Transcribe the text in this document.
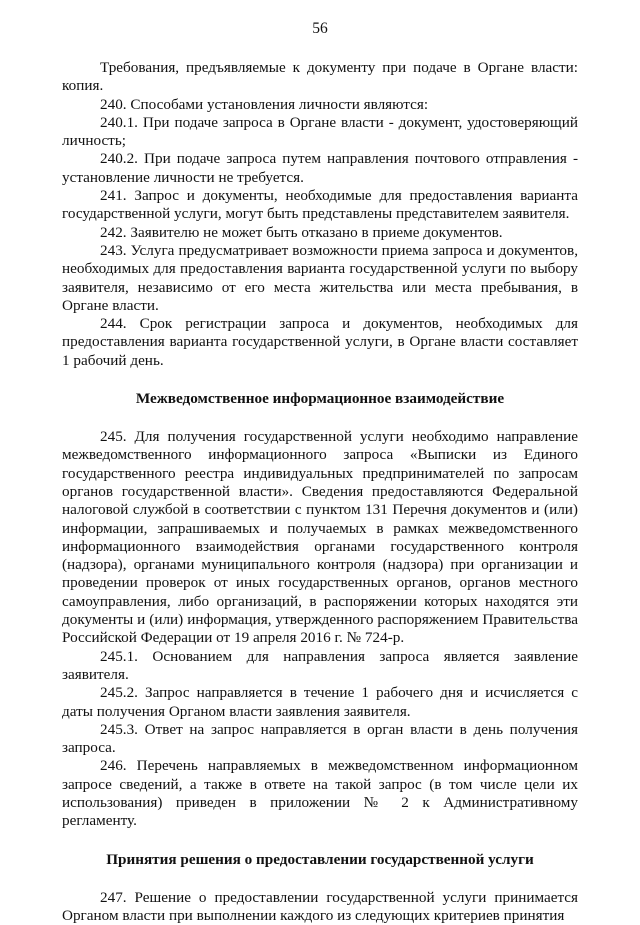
56

Требования, предъявляемые к документу при подаче в Органе власти: копия.

240. Способами установления личности являются:

240.1. При подаче запроса в Органе власти - документ, удостоверяющий личность;

240.2. При подаче запроса путем направления почтового отправления - установление личности не требуется.

241. Запрос и документы, необходимые для предоставления варианта государственной услуги, могут быть представлены представителем заявителя.

242. Заявителю не может быть отказано в приеме документов.

243. Услуга предусматривает возможности приема запроса и документов, необходимых для предоставления варианта государственной услуги по выбору заявителя, независимо от его места жительства или места пребывания, в Органе власти.

244. Срок регистрации запроса и документов, необходимых для предоставления варианта государственной услуги, в Органе власти составляет 1 рабочий день.

Межведомственное информационное взаимодействие

245. Для получения государственной услуги необходимо направление межведомственного информационного запроса «Выписки из Единого государственного реестра индивидуальных предпринимателей по запросам органов государственной власти». Сведения предоставляются Федеральной налоговой службой в соответствии с пунктом 131 Перечня документов и (или) информации, запрашиваемых и получаемых в рамках межведомственного информационного взаимодействия органами государственного контроля (надзора), органами муниципального контроля (надзора) при организации и проведении проверок от иных государственных органов, органов местного самоуправления, либо организаций, в распоряжении которых находятся эти документы и (или) информация, утвержденного распоряжением Правительства Российской Федерации от 19 апреля 2016 г. № 724-р.

245.1. Основанием для направления запроса является заявление заявителя.

245.2. Запрос направляется в течение 1 рабочего дня и исчисляется с даты получения Органом власти заявления заявителя.

245.3. Ответ на запрос направляется в орган власти в день получения запроса.

246. Перечень направляемых в межведомственном информационном запросе сведений, а также в ответе на такой запрос (в том числе цели их использования) приведен в приложении № 2 к Административному регламенту.

Принятия решения о предоставлении государственной услуги

247. Решение о предоставлении государственной услуги принимается Органом власти при выполнении каждого из следующих критериев принятия
